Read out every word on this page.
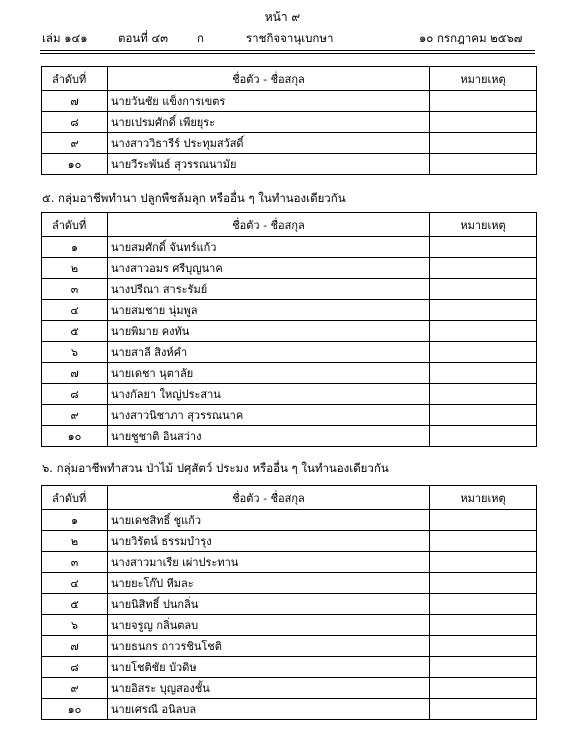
หน้า ๙
เล่ม ๑๔๑	ตอนที่ ๔๓	ก	ราชกิจจานุเบกษา	๑๐ กรกฎาคม ๒๕๖๗
ลำดับที่	ชื่อตัว - ชื่อสกุล	หมายเหตุ
๗	นายวันชัย แข็งการเขตร	
๘	นายเปรมศักดิ์ เพียยุระ	
๙	นางสาววิธารีร์ ประทุมสวัสดิ์	
๑๐	นายวีระพันธ์ สุวรรณนามัย	
๕. กลุ่มอาชีพทำนา ปลูกพืชล้มลุก หรืออื่น ๆ ในทำนองเดียวกัน
ลำดับที่	ชื่อตัว - ชื่อสกุล	หมายเหตุ
๑	นายสมศักดิ์ จันทร์แก้ว	
๒	นางสาวอมร ศรีบุญนาค	
๓	นางปรีณา สาระรัมย์	
๔	นายสมชาย นุ่มพูล	
๕	นายพิมาย คงทัน	
๖	นายสาลี สิงห์คำ	
๗	นายเดชา นุตาลัย	
๘	นางกัลยา ใหญ่ประสาน	
๙	นางสาวนิชาภา สุวรรณนาค	
๑๐	นายชูชาติ อินสว่าง	
๖. กลุ่มอาชีพทำสวน ป่าไม้ ปศุสัตว์ ประมง หรืออื่น ๆ ในทำนองเดียวกัน
ลำดับที่	ชื่อตัว - ชื่อสกุล	หมายเหตุ
๑	นายเดชสิทธิ์ ชูแก้ว	
๒	นายวิรัตน์ ธรรมบำรุง	
๓	นางสาวมาเรีย เผ่าประทาน	
๔	นายยะโก๊ป หีมละ	
๕	นายนิสิทธิ์ ปนกลิ่น	
๖	นายจรูญ กลิ่นตลบ	
๗	นายธนกร ถาวรชินโชติ	
๘	นายโชติชัย บัวดิษ	
๙	นายอิสระ บุญสองชั้น	
๑๐	นายเศรณี อนิลบล	
